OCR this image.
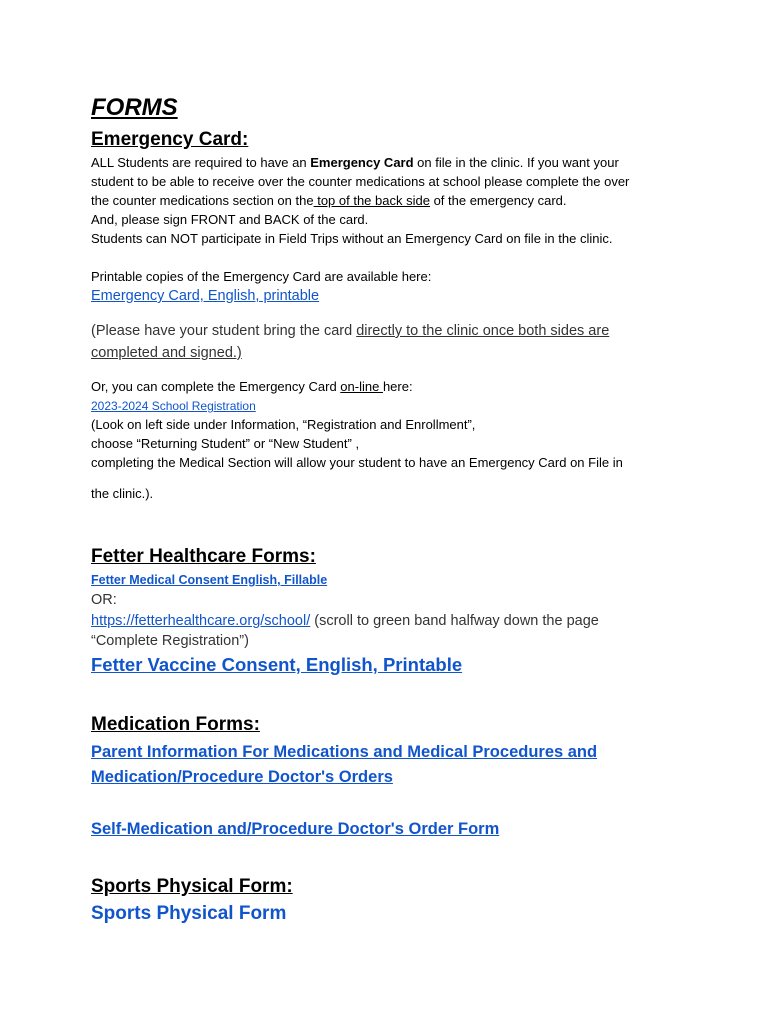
FORMS
Emergency Card:
ALL Students are required to have an Emergency Card on file in the clinic. If you want your
student to be able to receive over the counter medications at school please complete the over
the counter medications section on the top of the back side of the emergency card.
And, please sign FRONT and BACK of the card.
Students can NOT participate in Field Trips without an Emergency Card on file in the clinic.
Printable copies of the Emergency Card are available here:
Emergency Card, English, printable
(Please have your student bring the card directly to the clinic once both sides are
completed and signed.)
Or, you can complete the Emergency Card on-line here:
2023-2024 School Registration
(Look on left side under Information, “Registration and Enrollment”,
choose “Returning Student” or “New Student” ,
completing the Medical Section will allow your student to have an Emergency Card on File in
the clinic.).
Fetter Healthcare Forms:
Fetter Medical Consent English, Fillable
OR:
https://fetterhealthcare.org/school/ (scroll to green band halfway down the page
“Complete Registration”)
Fetter Vaccine Consent, English, Printable
Medication Forms:
Parent Information For Medications and Medical Procedures and
Medication/Procedure Doctor's Orders
Self-Medication and/Procedure Doctor's Order Form
Sports Physical Form:
Sports Physical Form
